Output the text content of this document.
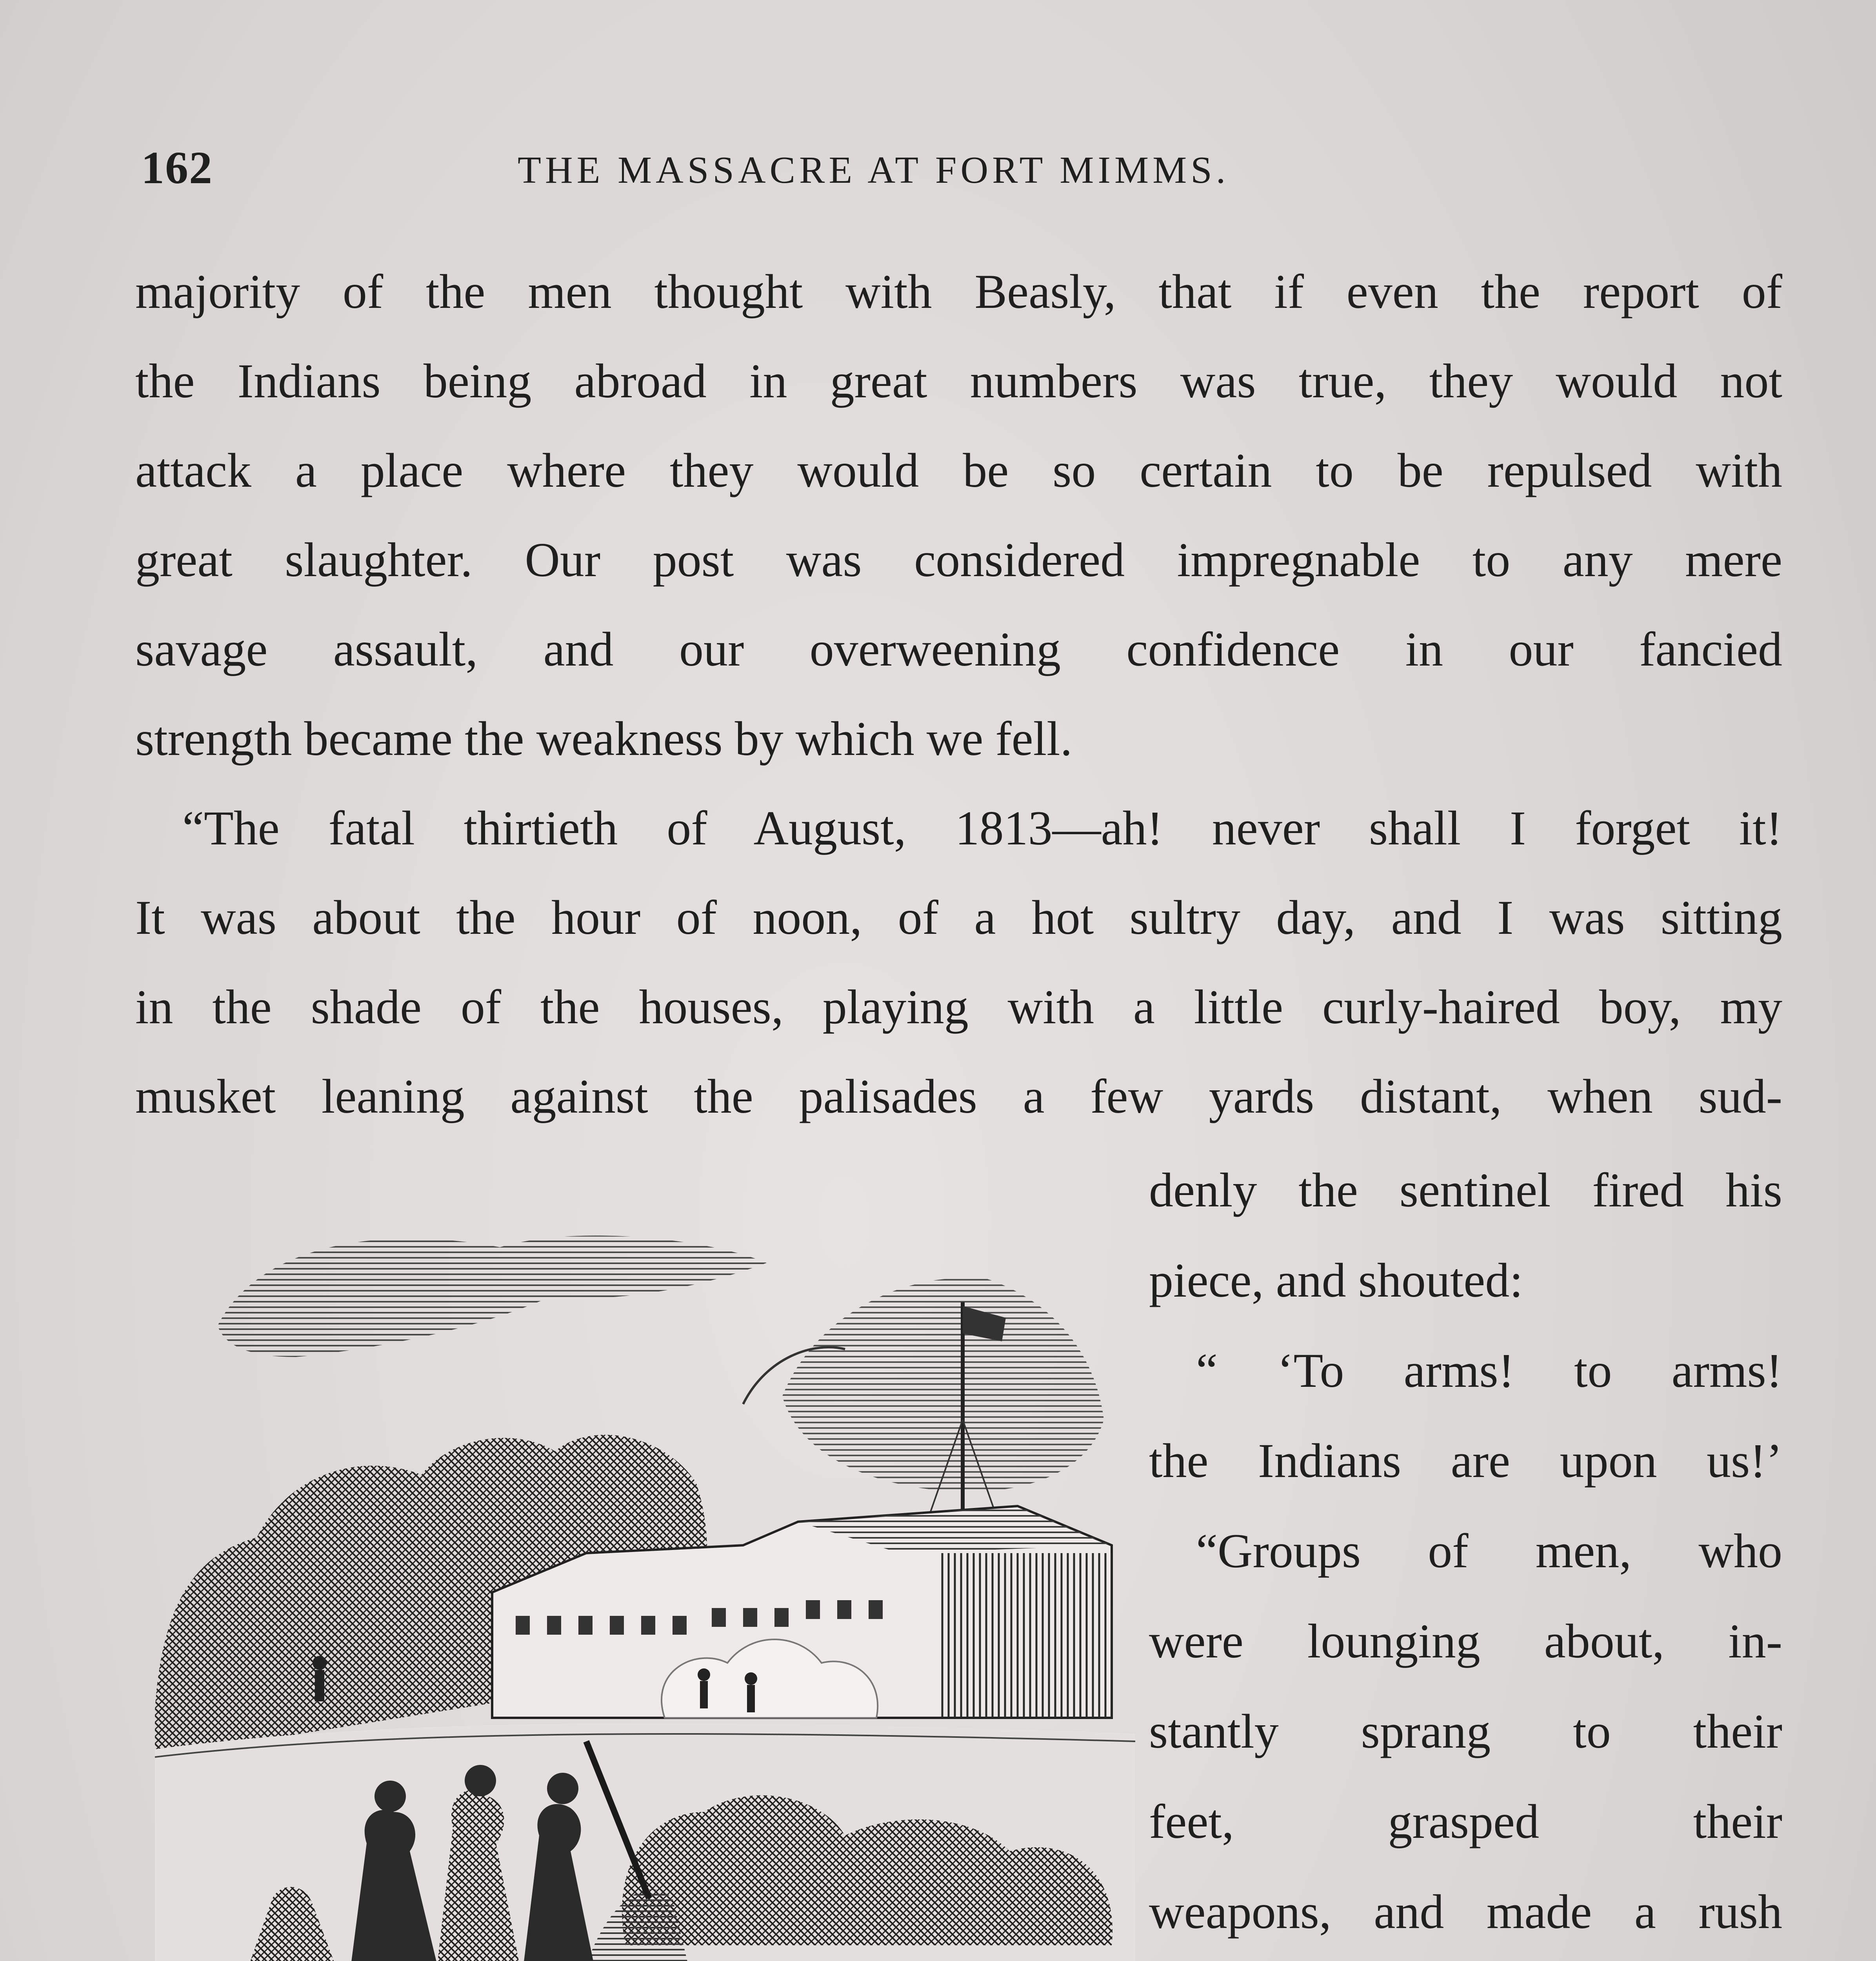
162	THE MASSACRE AT FORT MIMMS.
majority of the men thought with Beasly, that if even the report of
the Indians being abroad in great numbers was true, they would not
attack a place where they would be so certain to be repulsed with
great slaughter. Our post was considered impregnable to any mere
savage assault, and our overweening confidence in our fancied
strength became the weakness by which we fell.
“The fatal thirtieth of August, 1813—ah! never shall I forget it!
It was about the hour of noon, of a hot sultry day, and I was sitting
in the shade of the houses, playing with a little curly-haired boy, my
musket leaning against the palisades a few yards distant, when sud-
denly the sentinel fired his
piece, and shouted:
“ ‘To arms! to arms!
the Indians are upon us!’
“Groups of men, who
were lounging about, in-
stantly sprang to their
feet, grasped their
weapons, and made a rush
